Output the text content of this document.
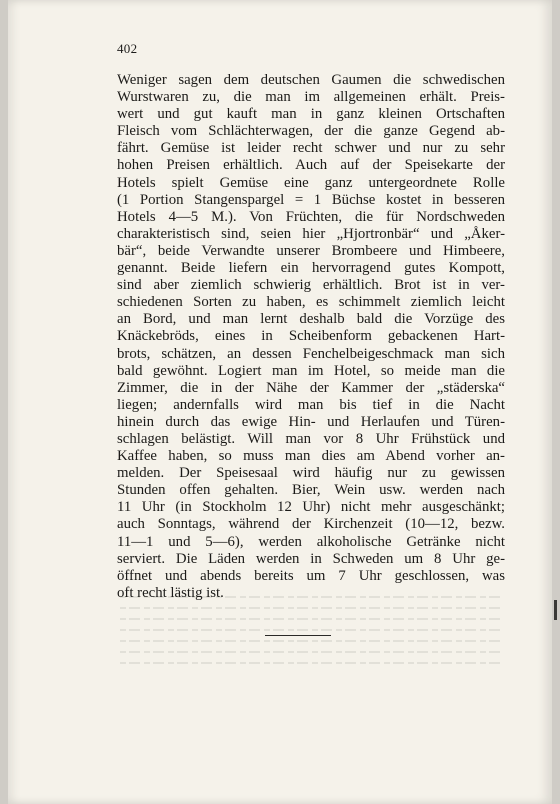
402
Weniger sagen dem deutschen Gaumen die schwedischen
Wurstwaren zu, die man im allgemeinen erhält. Preis-
wert und gut kauft man in ganz kleinen Ortschaften
Fleisch vom Schlächterwagen, der die ganze Gegend ab-
fährt. Gemüse ist leider recht schwer und nur zu sehr
hohen Preisen erhältlich. Auch auf der Speisekarte der
Hotels spielt Gemüse eine ganz untergeordnete Rolle
(1 Portion Stangenspargel = 1 Büchse kostet in besseren
Hotels 4—5 M.). Von Früchten, die für Nordschweden
charakteristisch sind, seien hier „Hjortronbär“ und „Åker-
bär“, beide Verwandte unserer Brombeere und Himbeere,
genannt. Beide liefern ein hervorragend gutes Kompott,
sind aber ziemlich schwierig erhältlich. Brot ist in ver-
schiedenen Sorten zu haben, es schimmelt ziemlich leicht
an Bord, und man lernt deshalb bald die Vorzüge des
Knäckebröds, eines in Scheibenform gebackenen Hart-
brots, schätzen, an dessen Fenchelbeigeschmack man sich
bald gewöhnt. Logiert man im Hotel, so meide man die
Zimmer, die in der Nähe der Kammer der „städerska“
liegen; andernfalls wird man bis tief in die Nacht
hinein durch das ewige Hin- und Herlaufen und Türen-
schlagen belästigt. Will man vor 8 Uhr Frühstück und
Kaffee haben, so muss man dies am Abend vorher an-
melden. Der Speisesaal wird häufig nur zu gewissen
Stunden offen gehalten. Bier, Wein usw. werden nach
11 Uhr (in Stockholm 12 Uhr) nicht mehr ausgeschänkt;
auch Sonntags, während der Kirchenzeit (10—12, bezw.
11—1 und 5—6), werden alkoholische Getränke nicht
serviert. Die Läden werden in Schweden um 8 Uhr ge-
öffnet und abends bereits um 7 Uhr geschlossen, was
oft recht lästig ist.
